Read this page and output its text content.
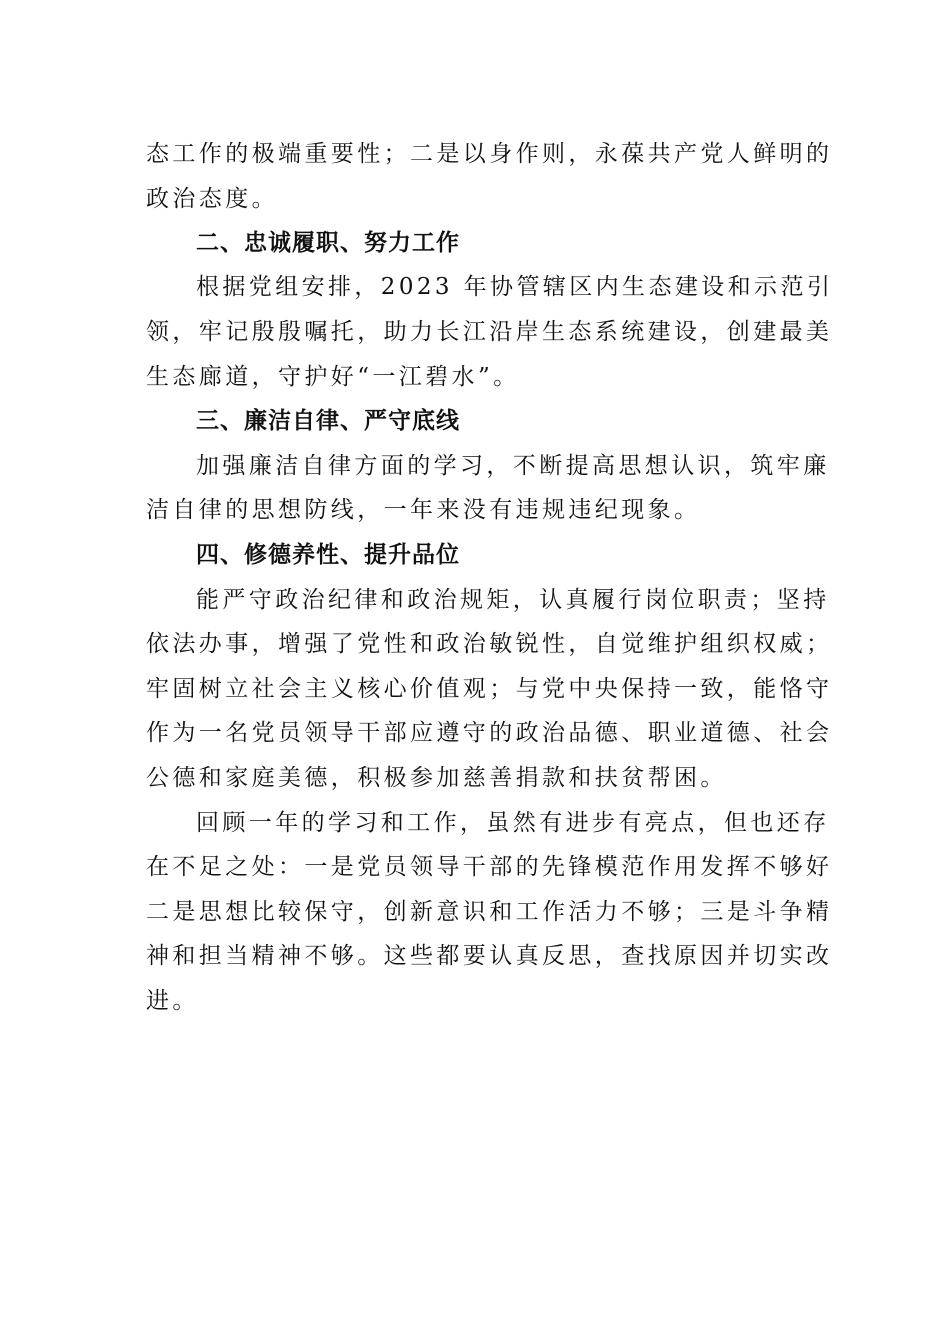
态工作的极端重要性；二是以身作则，永葆共产党人鲜明的
政治态度。
二、忠诚履职、努力工作
根据党组安排，2023 年协管辖区内生态建设和示范引
领，牢记殷殷嘱托，助力长江沿岸生态系统建设，创建最美
生态廊道，守护好“一江碧水”。
三、廉洁自律、严守底线
加强廉洁自律方面的学习，不断提高思想认识，筑牢廉
洁自律的思想防线，一年来没有违规违纪现象。
四、修德养性、提升品位
能严守政治纪律和政治规矩，认真履行岗位职责；坚持
依法办事，增强了党性和政治敏锐性，自觉维护组织权威；
牢固树立社会主义核心价值观；与党中央保持一致，能恪守
作为一名党员领导干部应遵守的政治品德、职业道德、社会
公德和家庭美德，积极参加慈善捐款和扶贫帮困。
回顾一年的学习和工作，虽然有进步有亮点，但也还存
在不足之处：一是党员领导干部的先锋模范作用发挥不够好
二是思想比较保守，创新意识和工作活力不够；三是斗争精
神和担当精神不够。这些都要认真反思，查找原因并切实改
进。
